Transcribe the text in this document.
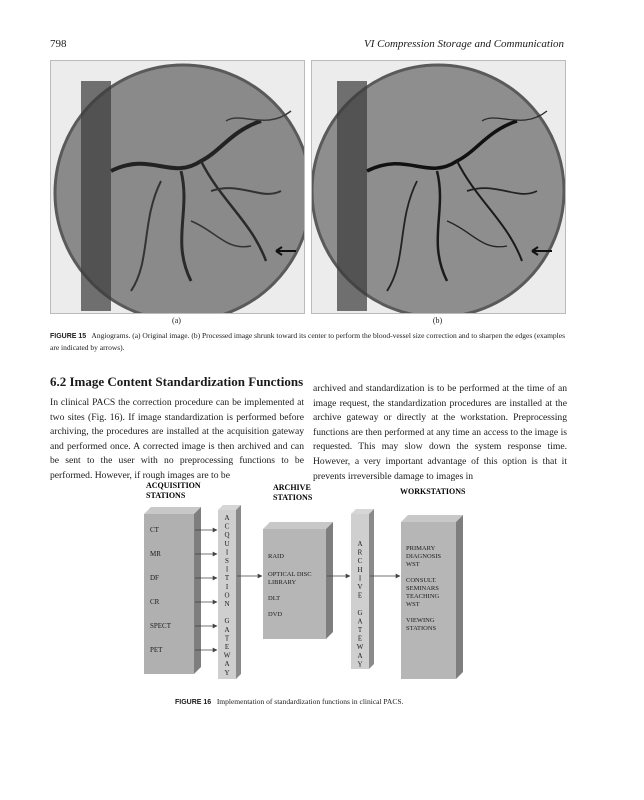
798	VI Compression Storage and Communication
(a)	(b)
FIGURE 15 Angiograms. (a) Original image. (b) Processed image shrunk toward its center to perform the blood-vessel size correction and to sharpen the edges (examples are indicated by arrows).
6.2 Image Content Standardization Functions

In clinical PACS the correction procedure can be implemented at two sites (Fig. 16). If image standardization is performed before archiving, the procedures are installed at the acquisition gateway and performed once. A corrected image is then archived and can be sent to the user with no preprocessing functions to be performed. However, if rough images are to be

archived and standardization is to be performed at the time of an image request, the standardization procedures are installed at the archive gateway or directly at the workstation. Preprocessing functions are then performed at any time an access to the image is requested. This may slow down the system response time. However, a very important advantage of this option is that it prevents irreversible damage to images in

ACQUISITION
STATIONS
ARCHIVE
STATIONS
WORKSTATIONS
CT
MR
DF
CR
SPECT
PET
A
C
Q
U
I
S
I
T
I
O
N
G
A
T
E
W
A
Y
RAID
OPTICAL DISC
LIBRARY
DLT
DVD
A
R
C
H
I
V
E
G
A
T
E
W
A
Y
PRIMARY
DIAGNOSIS
WST
CONSULT.
SEMINARS
TEACHING
WST
VIEWING
STATIONS
FIGURE 16 Implementation of standardization functions in clinical PACS.
